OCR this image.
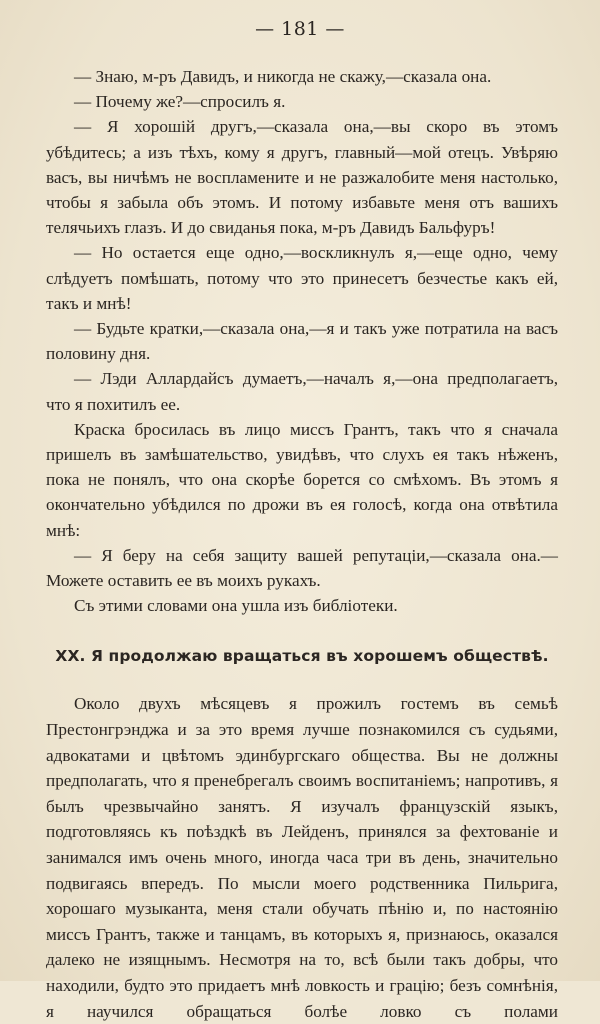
— 181 —

— Знаю, м-ръ Давидъ, и никогда не скажу,—сказала она.

— Почему же?—спросилъ я.

— Я хорошій другъ,—сказала она,—вы скоро въ этомъ убѣдитесь; а изъ тѣхъ, кому я другъ, главный—мой отецъ. Увѣряю васъ, вы ничѣмъ не воспламените и не разжалобите меня настолько, чтобы я забыла объ этомъ. И потому избавьте меня отъ вашихъ телячьихъ глазъ. И до свиданья пока, м-ръ Давидъ Бальфуръ!

— Но остается еще одно,—воскликнулъ я,—еще одно, чему слѣдуетъ помѣшать, потому что это принесетъ безчестье какъ ей, такъ и мнѣ!

— Будьте кратки,—сказала она,—я и такъ уже потратила на васъ половину дня.

— Лэди Аллардайсъ думаетъ,—началъ я,—она предполагаетъ, что я похитилъ ее.

Краска бросилась въ лицо миссъ Грантъ, такъ что я сначала пришелъ въ замѣшательство, увидѣвъ, что слухъ ея такъ нѣженъ, пока не понялъ, что она скорѣе борется со смѣхомъ. Въ этомъ я окончательно убѣдился по дрожи въ ея голосѣ, когда она отвѣтила мнѣ:

— Я беру на себя защиту вашей репутаціи,—сказала она.—Можете оставить ее въ моихъ рукахъ.

Съ этими словами она ушла изъ библіотеки.

XX. Я продолжаю вращаться въ хорошемъ обществѣ.

Около двухъ мѣсяцевъ я прожилъ гостемъ въ семьѣ Престонгрэнджа и за это время лучше познакомился съ судьями, адвокатами и цвѣтомъ эдинбургскаго общества. Вы не должны предполагать, что я пренебрегалъ своимъ воспитаніемъ; напротивъ, я былъ чрезвычайно занятъ. Я изучалъ французскій языкъ, подготовляясь къ поѣздкѣ въ Лейденъ, принялся за фехтованіе и занимался имъ очень много, иногда часа три въ день, значительно подвигаясь впередъ. По мысли моего родственника Пильрига, хорошаго музыканта, меня стали обучать пѣнію и, по настоянію миссъ Грантъ, также и танцамъ, въ которыхъ я, признаюсь, оказался далеко не изящнымъ. Несмотря на то, всѣ были такъ добры, что находили, будто это придаетъ мнѣ ловкость и грацію; безъ сомнѣнія, я научился обращаться болѣе ловко съ полами
